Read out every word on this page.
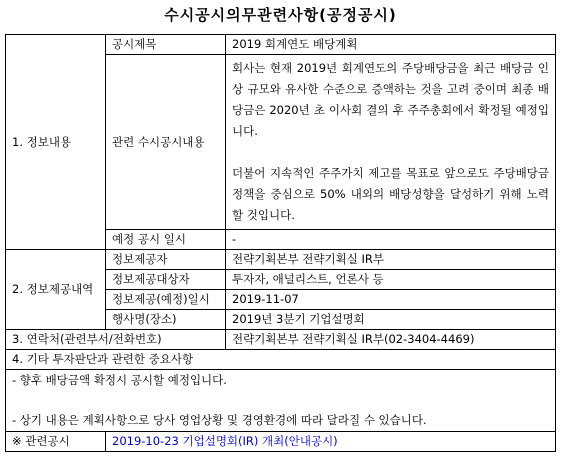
수시공시의무관련사항(공정공시)
1. 정보내용	공시제목	2019 회계연도 배당계획
	관련 수시공시내용	회사는 현재 2019년 회계연도의 주당배당금을 최근 배당금 인상 규모와 유사한 수준으로 증액하는 것을 고려 중이며 최종 배당금은 2020년 초 이사회 결의 후 주주총회에서 확정될 예정입니다.
더불어 지속적인 주주가치 제고를 목표로 앞으로도 주당배당금 정책을 중심으로 50% 내외의 배당성향을 달성하기 위해 노력할 것입니다.

	예정 공시 일시	-
2. 정보제공내역	정보제공자	전략기획본부 전략기획실 IR부
	정보제공대상자	투자자, 애널리스트, 언론사 등
	정보제공(예정)일시	2019-11-07
	행사명(장소)	2019년 3분기 기업설명회
3. 연락처(관련부서/전화번호)		전략기획본부 전략기획실 IR부(02-3404-4469)
4. 기타 투자판단과 관련한 중요사항		

- 향후 배당금액 확정시 공시할 예정입니다.
- 상기 내용은 계획사항으로 당사 영업상황 및 경영환경에 따라 달라질 수 있습니다.		

※ 관련공시	2019-10-23 기업설명회(IR) 개최(안내공시)	
